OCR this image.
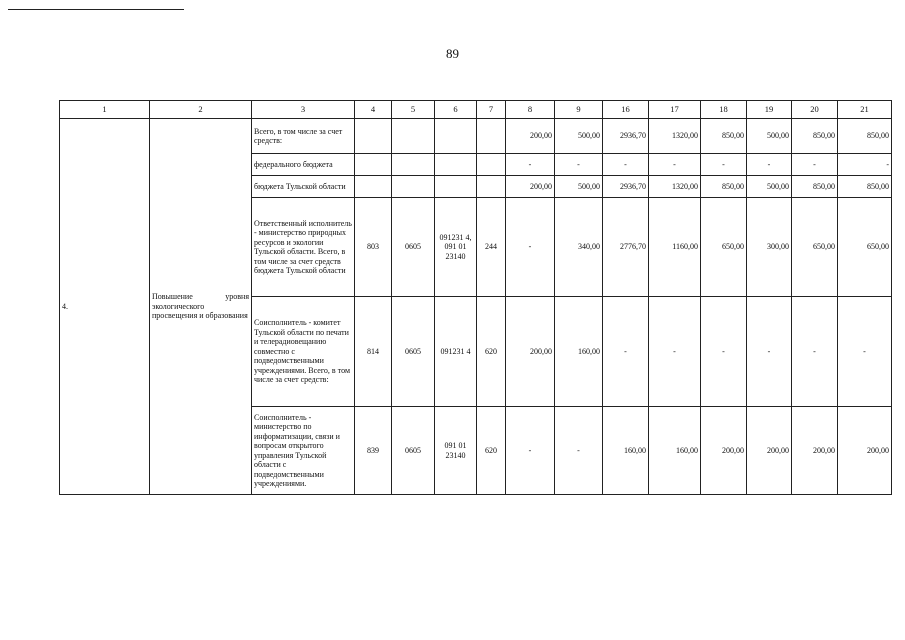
89
1	2	3	4	5	6	7	8	9	16	17	18	19	20	21
4.	Повышение уровня экологического просвещения и образования	Всего, в том числе за счет средств:					200,00	500,00	2936,70	1320,00	850,00	500,00	850,00	850,00
		федерального бюджета					-	-	-	-	-	-	-	-
		бюджета Тульской области					200,00	500,00	2936,70	1320,00	850,00	500,00	850,00	850,00
		Ответственный исполнитель - министерство природных ресурсов и экологии Тульской области. Всего, в том числе за счет средств бюджета Тульской области	803	0605	091231 4, 091 01 23140	244	-	340,00	2776,70	1160,00	650,00	300,00	650,00	650,00
		Соисполнитель - комитет Тульской области по печати и телерадиовещанию совместно с подведомственными учреждениями. Всего, в том числе за счет средств:	814	0605	091231 4	620	200,00	160,00	-	-	-	-	-	-
		Соисполнитель - министерство по информатизации, связи и вопросам открытого управления Тульской области с подведомственными учреждениями.	839	0605	091 01 23140	620	-	-	160,00	160,00	200,00	200,00	200,00	200,00
